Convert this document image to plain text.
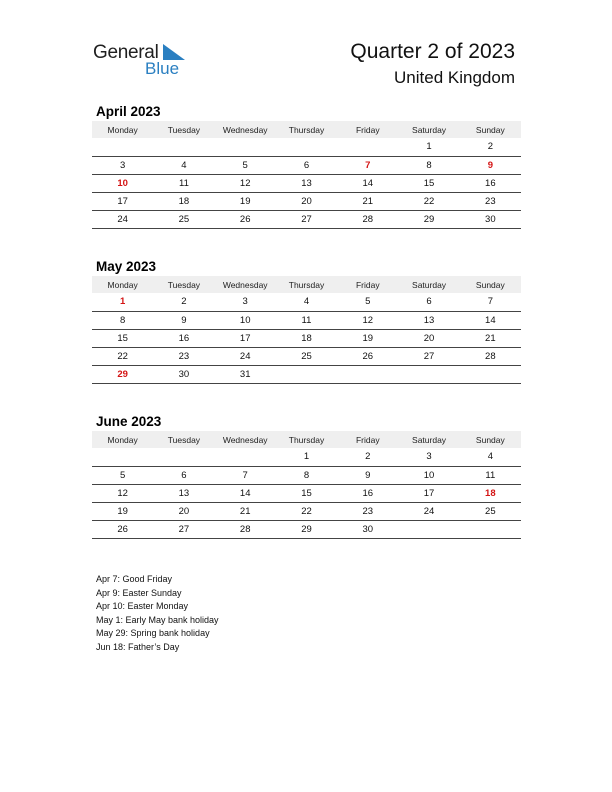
General
Blue
Quarter 2 of 2023
United Kingdom
April 2023
Monday	Tuesday	Wednesday	Thursday	Friday	Saturday	Sunday
					1	2
3	4	5	6	7	8	9
10	11	12	13	14	15	16
17	18	19	20	21	22	23
24	25	26	27	28	29	30
May 2023
Monday	Tuesday	Wednesday	Thursday	Friday	Saturday	Sunday
1	2	3	4	5	6	7
8	9	10	11	12	13	14
15	16	17	18	19	20	21
22	23	24	25	26	27	28
29	30	31				
June 2023
Monday	Tuesday	Wednesday	Thursday	Friday	Saturday	Sunday
			1	2	3	4
5	6	7	8	9	10	11
12	13	14	15	16	17	18
19	20	21	22	23	24	25
26	27	28	29	30		
Apr 7: Good Friday
Apr 9: Easter Sunday
Apr 10: Easter Monday
May 1: Early May bank holiday
May 29: Spring bank holiday
Jun 18: Father’s Day
